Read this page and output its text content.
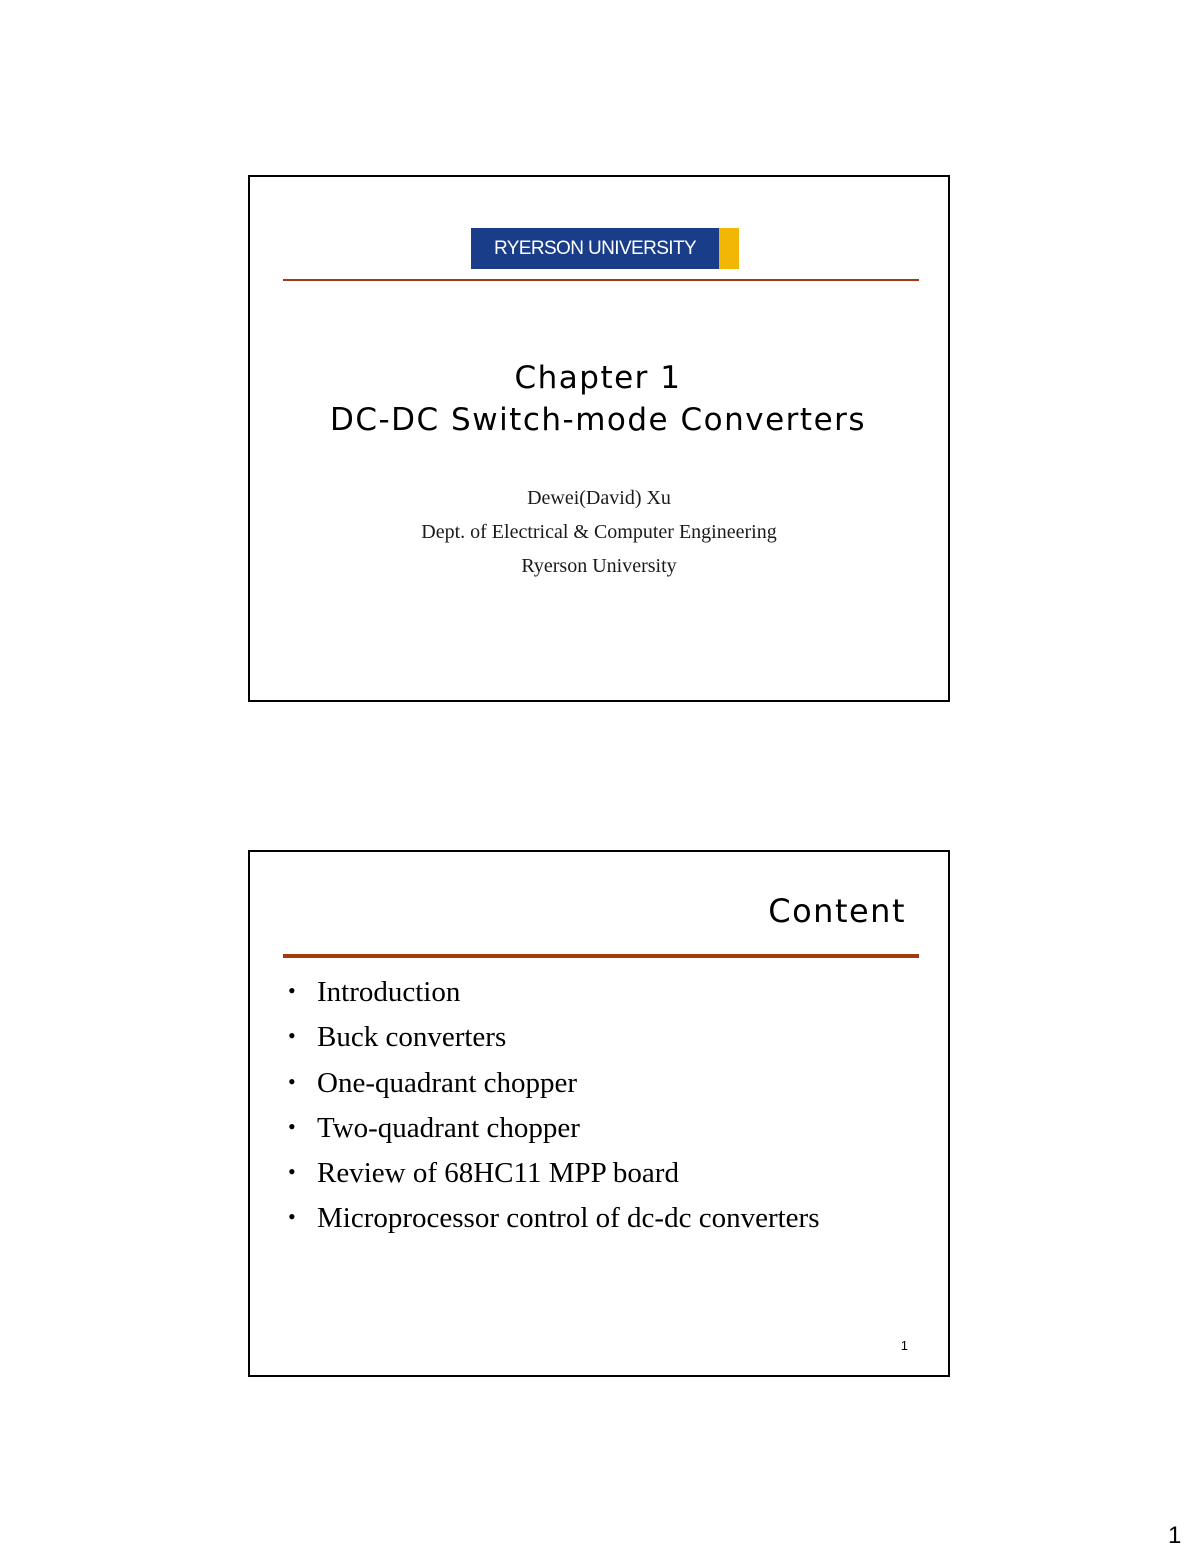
RYERSON UNIVERSITY
Chapter 1
DC-DC Switch-mode Converters
Dewei(David) Xu
Dept. of Electrical & Computer Engineering
Ryerson University
Content
• Introduction
• Buck converters
• One-quadrant chopper
• Two-quadrant chopper
• Review of 68HC11 MPP board
• Microprocessor control of dc-dc converters
1
1
